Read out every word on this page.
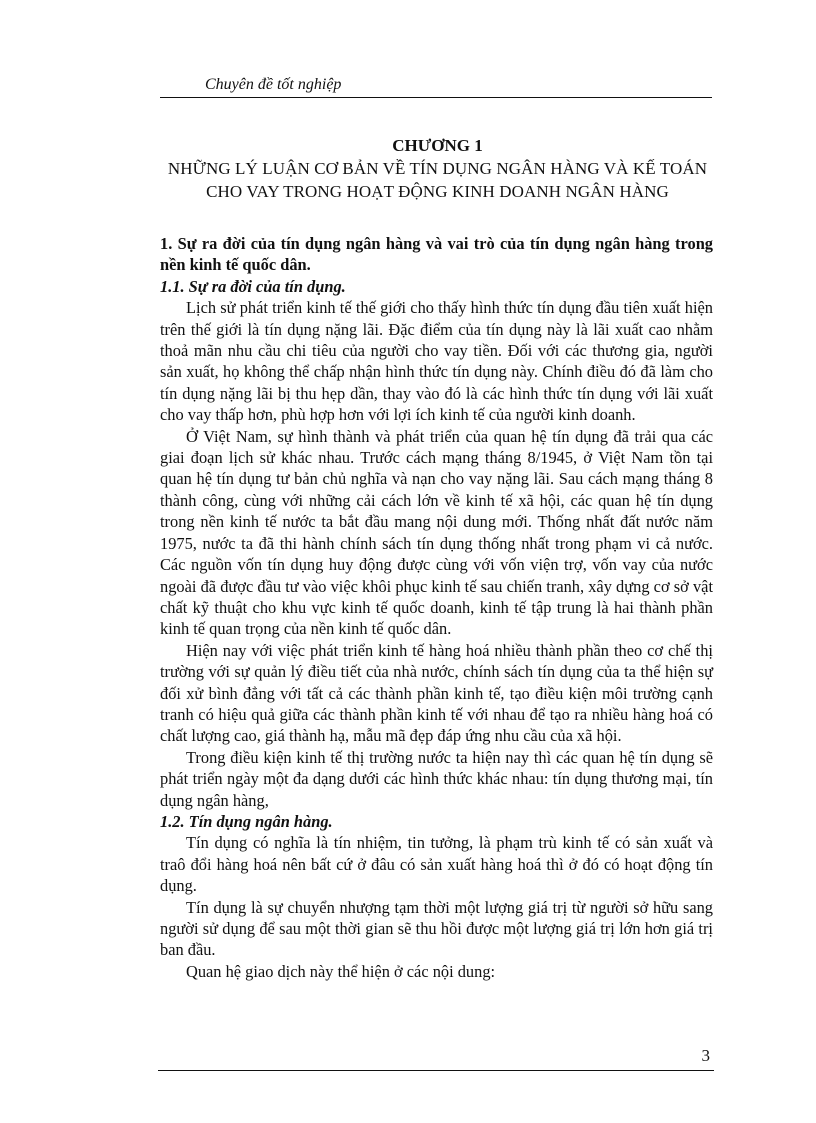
Chuyên đề tốt nghiệp

CHƯƠNG 1

NHỮNG LÝ LUẬN CƠ BẢN VỀ TÍN DỤNG NGÂN HÀNG VÀ KẾ TOÁN CHO VAY TRONG HOẠT ĐỘNG KINH DOANH NGÂN HÀNG

1. Sự ra đời của tín dụng ngân hàng và vai trò của tín dụng ngân hàng trong nền kinh tế quốc dân.

1.1. Sự ra đời của tín dụng.

Lịch sử phát triển kinh tế thế giới cho thấy hình thức tín dụng đầu tiên xuất hiện trên thế giới là tín dụng nặng lãi. Đặc điểm của tín dụng này là lãi xuất cao nhằm thoả mãn nhu cầu chi tiêu của người cho vay tiền. Đối với các thương gia, người sản xuất, họ không thể chấp nhận hình thức tín dụng này. Chính điều đó đã làm cho tín dụng nặng lãi bị thu hẹp dần, thay vào đó là các hình thức tín dụng với lãi xuất cho vay thấp hơn, phù hợp hơn với lợi ích kinh tế của người kinh doanh.

Ở Việt Nam, sự hình thành và phát triển của quan hệ tín dụng đã trải qua các giai đoạn lịch sử khác nhau. Trước cách mạng tháng 8/1945, ở Việt Nam tồn tại quan hệ tín dụng tư bản chủ nghĩa và nạn cho vay nặng lãi. Sau cách mạng tháng 8 thành công, cùng với những cải cách lớn về kinh tế xã hội, các quan hệ tín dụng trong nền kinh tế nước ta bắt đầu mang nội dung mới. Thống nhất đất nước năm 1975, nước ta đã thi hành chính sách tín dụng thống nhất trong phạm vi cả nước. Các nguồn vốn tín dụng huy động được cùng với vốn viện trợ, vốn vay của nước ngoài đã được đầu tư vào việc khôi phục kinh tế sau chiến tranh, xây dựng cơ sở vật chất kỹ thuật cho khu vực kinh tế quốc doanh, kinh tế tập trung là hai thành phần kinh tế quan trọng của nền kinh tế quốc dân.

Hiện nay với việc phát triển kinh tế hàng hoá nhiều thành phần theo cơ chế thị trường với sự quản lý điều tiết của nhà nước, chính sách tín dụng của ta thể hiện sự đối xử bình đẳng với tất cả các thành phần kinh tế, tạo điều kiện môi trường cạnh tranh có hiệu quả giữa các thành phần kinh tế với nhau để tạo ra nhiều hàng hoá có chất lượng cao, giá thành hạ, mẫu mã đẹp đáp ứng nhu cầu của xã hội.

Trong điều kiện kinh tế thị trường nước ta hiện nay thì các quan hệ tín dụng sẽ phát triển ngày một đa dạng dưới các hình thức khác nhau: tín dụng thương mại, tín dụng ngân hàng,

1.2. Tín dụng ngân hàng.

Tín dụng có nghĩa là tín nhiệm, tin tưởng, là phạm trù kinh tế có sản xuất và traô đổi hàng hoá nên bất cứ ở đâu có sản xuất hàng hoá thì ở đó có hoạt động tín dụng.

Tín dụng là sự chuyển nhượng tạm thời một lượng giá trị từ người sở hữu sang người sử dụng để sau một thời gian sẽ thu hồi được một lượng giá trị lớn hơn giá trị ban đầu.

Quan hệ giao dịch này thể hiện ở các nội dung:

3
